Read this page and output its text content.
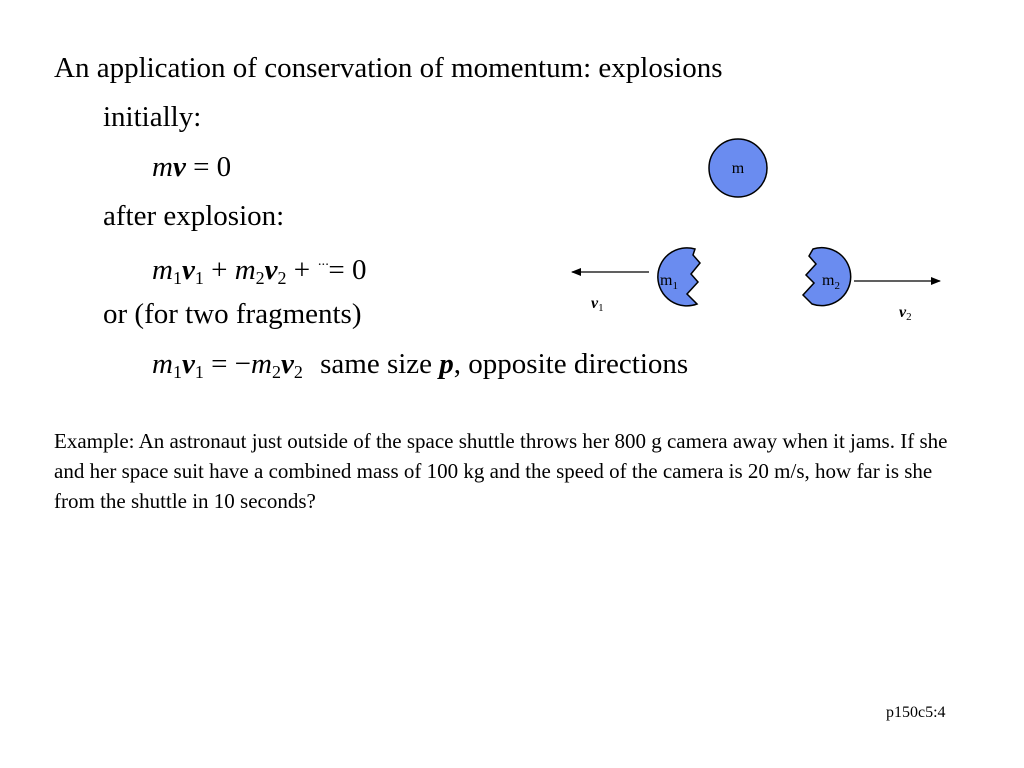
An application of conservation of momentum: explosions
initially:
mv = 0
after explosion:
$m_1v_1 + m_2v_2 + ^{\cdot\cdot\cdot}= 0$
or (for two fragments)
$m_1v_1 = -m_2v_2$ same size p, opposite directions
m
$m_1$	$m_2$
v1	v2
Example: An astronaut just outside of the space shuttle throws her 800 g camera away when it jams. If she and her space suit have a combined mass of 100 kg and the speed of the camera is 20 m/s, how far is she from the shuttle in 10 seconds?
p150c5:4
